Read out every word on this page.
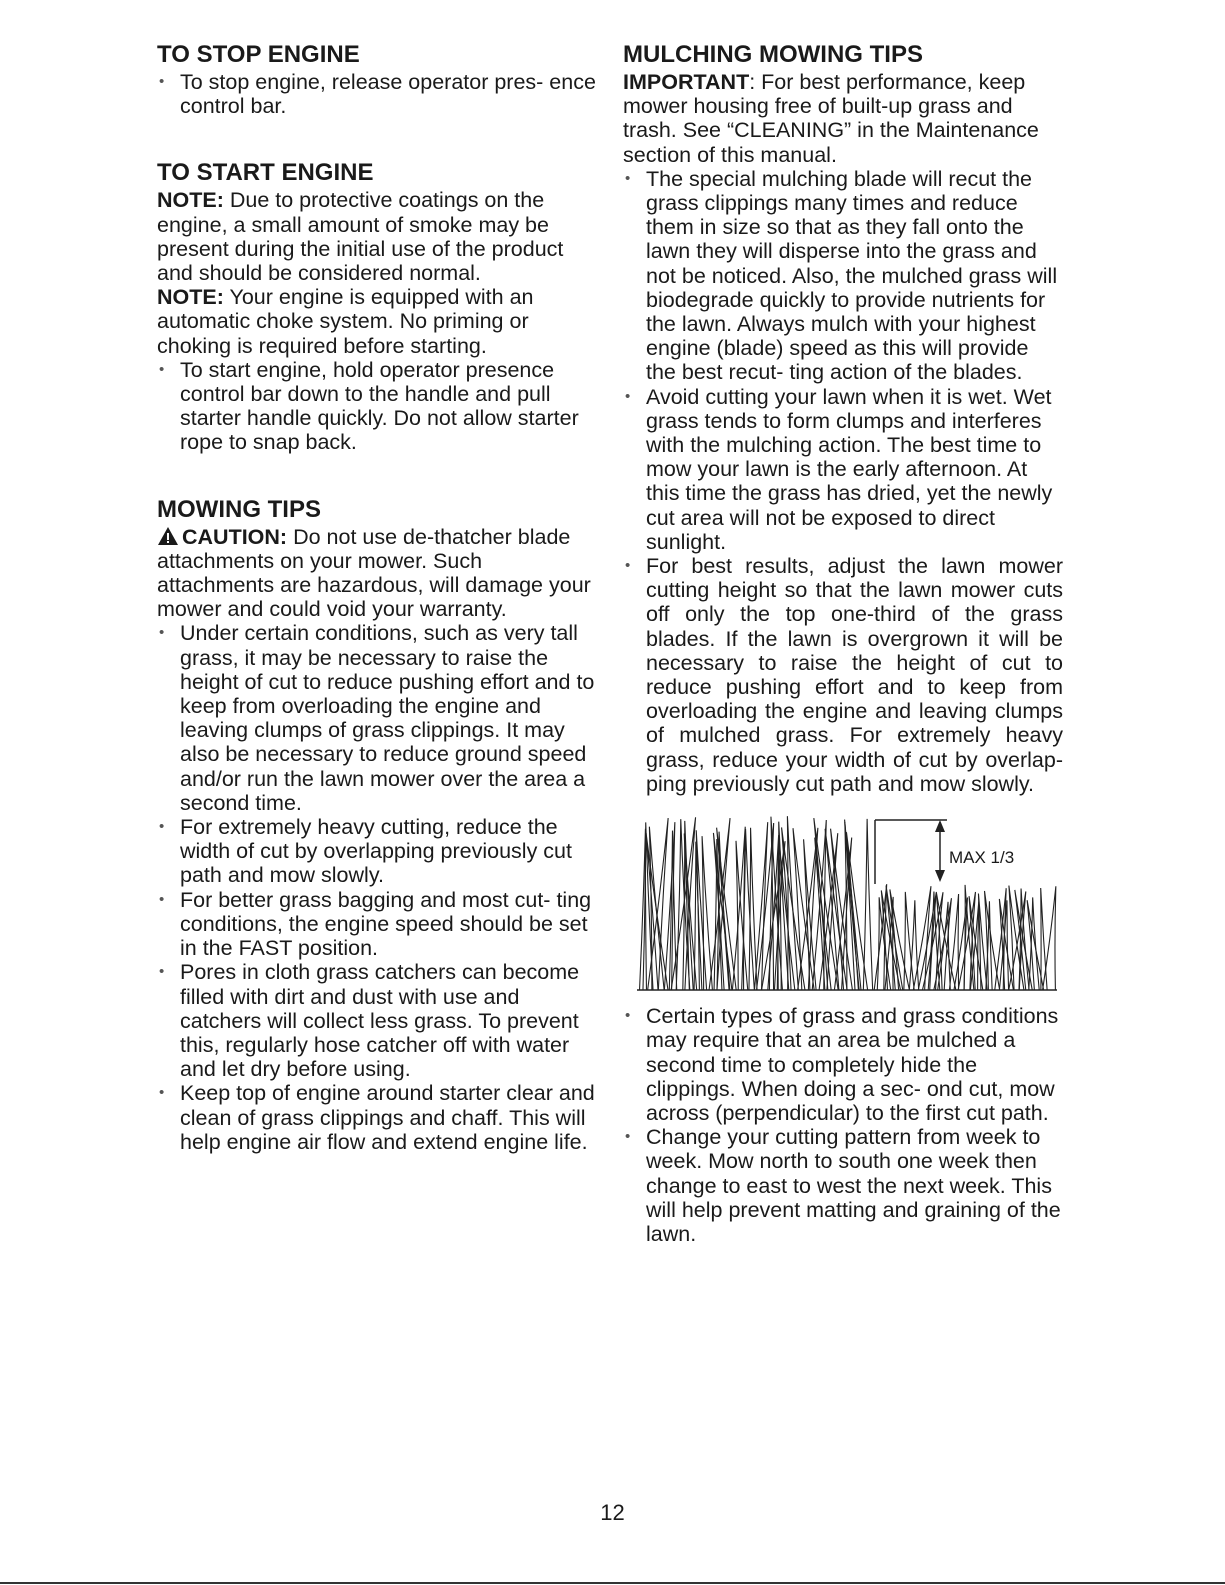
TO STOP ENGINE
• To stop engine, release operator pres- ence control bar.
TO START ENGINE

NOTE: Due to protective coatings on the engine, a small amount of smoke may be present during the initial use of the product and should be considered normal.

NOTE: Your engine is equipped with an automatic choke system. No priming or choking is required before starting.

• To start engine, hold operator presence control bar down to the handle and pull starter handle quickly. Do not allow starter rope to snap back.
MOWING TIPS

CAUTION: Do not use de-thatcher blade attachments on your mower. Such attachments are hazardous, will damage your mower and could void your warranty.

• Under certain conditions, such as very tall grass, it may be necessary to raise the height of cut to reduce pushing effort and to keep from overloading the engine and leaving clumps of grass clippings. It may also be necessary to reduce ground speed and/or run the lawn mower over the area a second time.
• For extremely heavy cutting, reduce the width of cut by overlapping previously cut path and mow slowly.
• For better grass bagging and most cut- ting conditions, the engine speed should be set in the FAST position.
• Pores in cloth grass catchers can become filled with dirt and dust with use and catchers will collect less grass. To prevent this, regularly hose catcher off with water and let dry before using.
• Keep top of engine around starter clear and clean of grass clippings and chaff. This will help engine air flow and extend engine life.
MULCHING MOWING TIPS

IMPORTANT: For best performance, keep mower housing free of built-up grass and trash. See “CLEANING” in the Maintenance section of this manual.

• The special mulching blade will recut the grass clippings many times and reduce them in size so that as they fall onto the lawn they will disperse into the grass and not be noticed. Also, the mulched grass will biodegrade quickly to provide nutrients for the lawn. Always mulch with your highest engine (blade) speed as this will provide the best recut- ting action of the blades.
• Avoid cutting your lawn when it is wet. Wet grass tends to form clumps and interferes with the mulching action. The best time to mow your lawn is the early afternoon. At this time the grass has dried, yet the newly cut area will not be exposed to direct sunlight.
• For best results, adjust the lawn mower cutting height so that the lawn mower cuts off only the top one-third of the grass blades. If the lawn is overgrown it will be necessary to raise the height of cut to reduce pushing effort and to keep from overloading the engine and leaving clumps of mulched grass. For extremely heavy grass, reduce your width of cut by overlap- ping previously cut path and mow slowly.
MAX 1/3
• Certain types of grass and grass conditions may require that an area be mulched a second time to completely hide the clippings. When doing a sec- ond cut, mow across (perpendicular) to the first cut path.
• Change your cutting pattern from week to week. Mow north to south one week then change to east to west the next week. This will help prevent matting and graining of the lawn.
12
